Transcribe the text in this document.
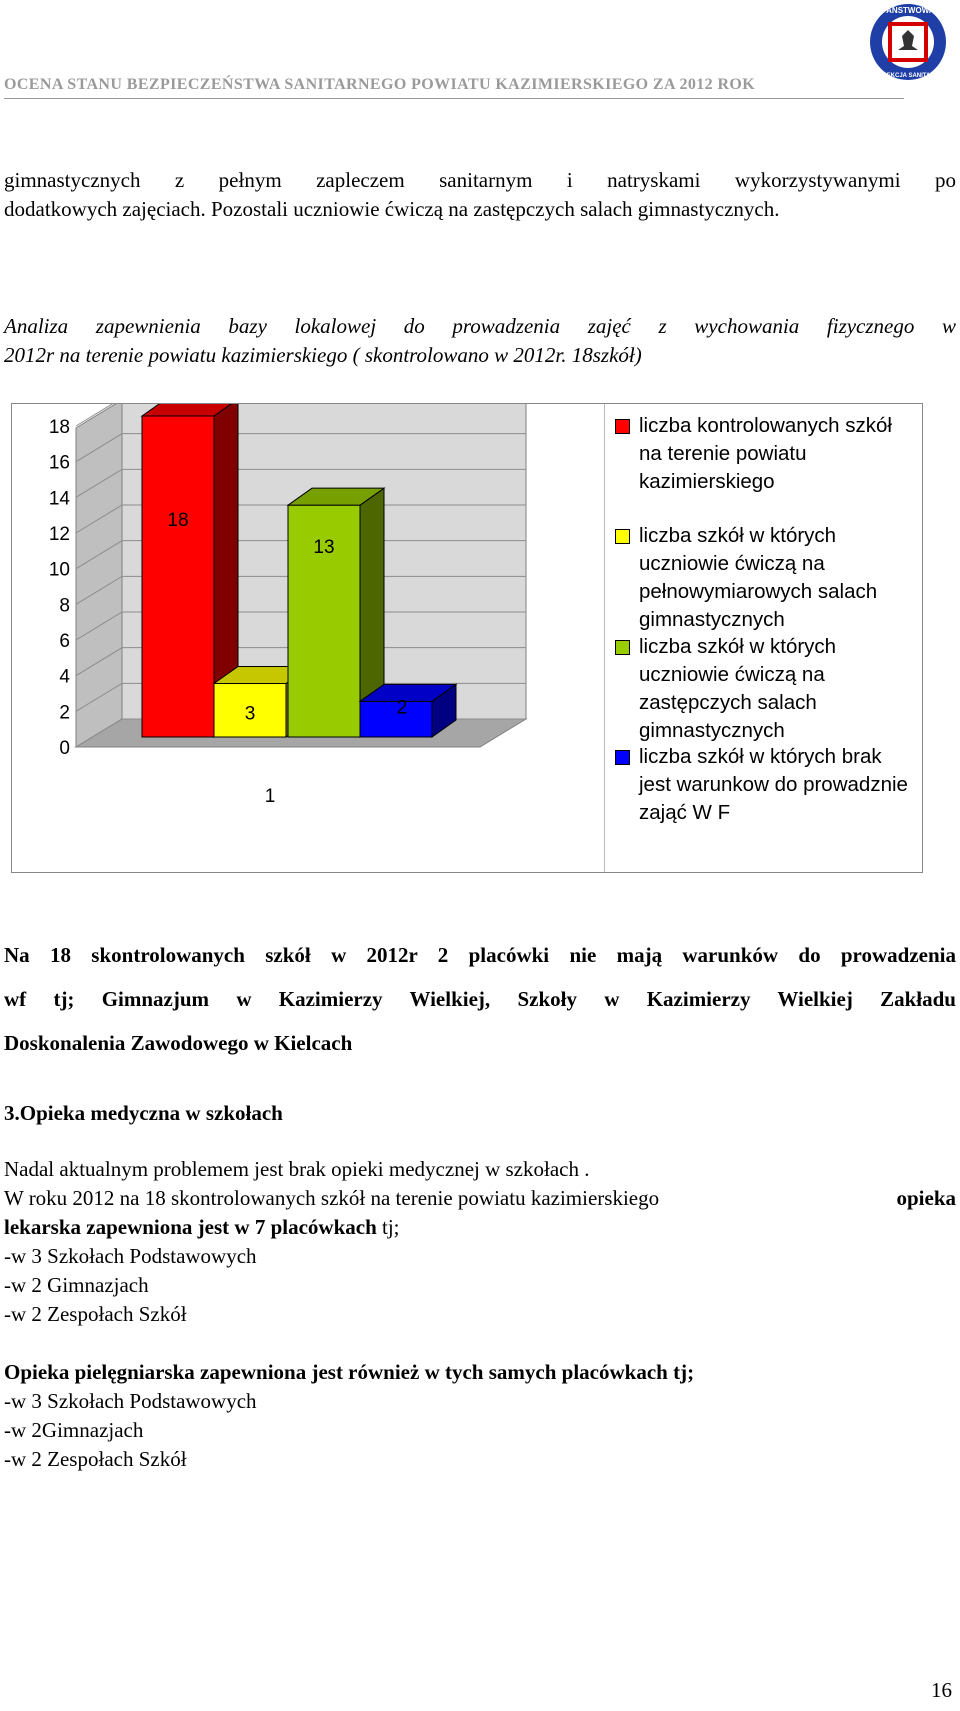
OCENA STANU BEZPIECZEŃSTWA SANITARNEGO POWIATU KAZIMIERSKIEGO ZA 2012 ROK
PAŃSTWOWA
INSPEKCJA SANITARNA
gimnastycznych z pełnym zapleczem sanitarnym i natryskami wykorzystywanymi po
dodatkowych zajęciach. Pozostali uczniowie ćwiczą na zastępczych salach gimnastycznych.
Analiza zapewnienia bazy lokalowej do prowadzenia zajęć z wychowania fizycznego w
2012r na terenie powiatu kazimierskiego ( skontrolowano w 2012r. 18szkół)
0
2
4
6
8
10
12
14
16
18
18
3
13
2
1
liczba kontrolowanych szkół na terenie powiatu kazimierskiego
liczba szkół w których uczniowie ćwiczą na pełnowymiarowych salach gimnastycznych
liczba szkół w których uczniowie ćwiczą na zastępczych salach gimnastycznych
liczba szkół w których brak jest warunkow do prowadznie zająć W F
Na 18 skontrolowanych szkół w 2012r 2 placówki nie mają warunków do prowadzenia
wf tj; Gimnazjum w Kazimierzy Wielkiej, Szkoły w Kazimierzy Wielkiej Zakładu
Doskonalenia Zawodowego w Kielcach
3.Opieka medyczna w szkołach
Nadal aktualnym problemem jest brak opieki medycznej w szkołach .
W roku 2012 na 18 skontrolowanych szkół na terenie powiatu kazimierskiego	opieka
lekarska zapewniona jest w 7 placówkach tj;
-w 3 Szkołach Podstawowych
-w 2 Gimnazjach
-w 2 Zespołach Szkół
Opieka pielęgniarska zapewniona jest również w tych samych placówkach tj;
-w 3 Szkołach Podstawowych
-w 2Gimnazjach
-w 2 Zespołach Szkół
16
